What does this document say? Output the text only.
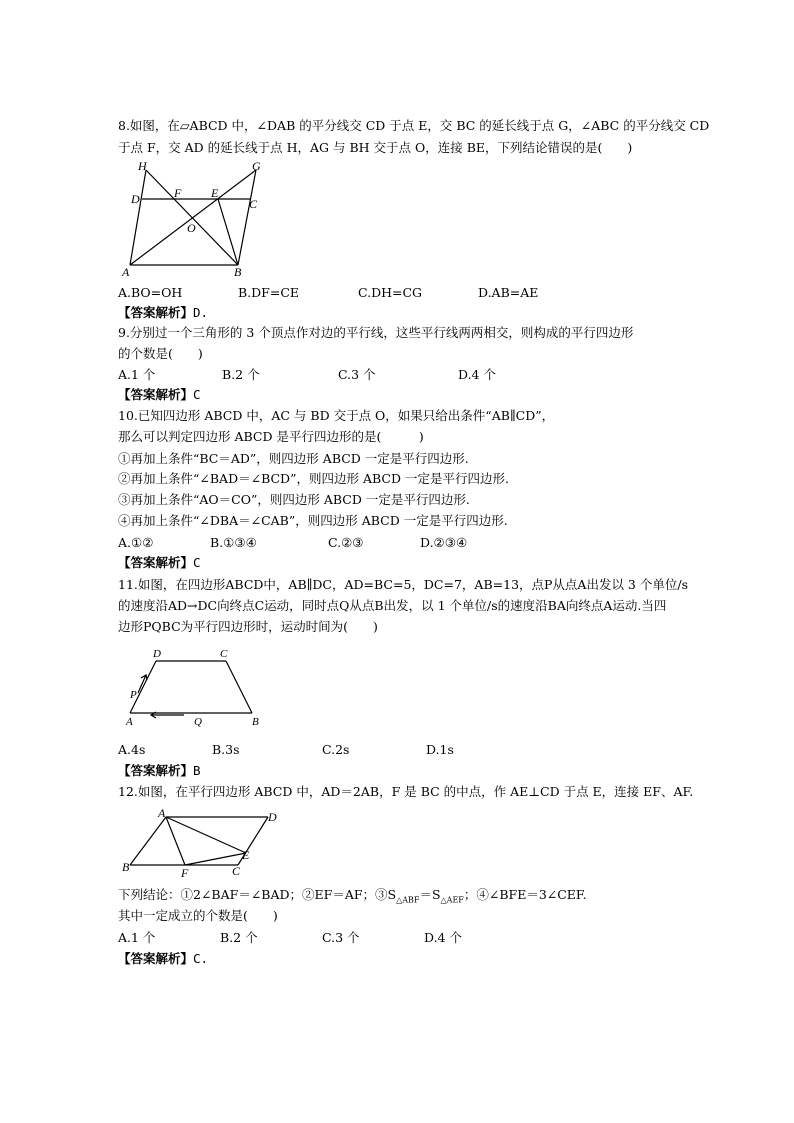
8.如图，在▱ABCD 中，∠DAB 的平分线交 CD 于点 E，交 BC 的延长线于点 G，∠ABC 的平分线交 CD
于点 F，交 AD 的延长线于点 H，AG 与 BH 交于点 O，连接 BE，下列结论错误的是(　　)
H	G
D	F E
C
O
A	B
A.BO=OH	B.DF=CE	C.DH=CG	D.AB=AE
【答案解析】D.
9.分别过一个三角形的 3 个顶点作对边的平行线，这些平行线两两相交，则构成的平行四边形
的个数是(　　)
A.1 个	B.2 个	C.3 个	D.4 个
【答案解析】C
10.已知四边形 ABCD 中，AC 与 BD 交于点 O，如果只给出条件“AB∥CD”，
那么可以判定四边形 ABCD 是平行四边形的是(　　　)
①再加上条件“BC＝AD”，则四边形 ABCD 一定是平行四边形.
②再加上条件“∠BAD＝∠BCD”，则四边形 ABCD 一定是平行四边形.
③再加上条件“AO＝CO”，则四边形 ABCD 一定是平行四边形.
④再加上条件“∠DBA＝∠CAB”，则四边形 ABCD 一定是平行四边形.
A.①②	B.①③④	C.②③	D.②③④
【答案解析】C
11.如图，在四边形ABCD中，AB∥DC，AD=BC=5，DC=7，AB=13，点P从点A出发以 3 个单位/s
的速度沿AD→DC向终点C运动，同时点Q从点B出发，以 1 个单位/s的速度沿BA向终点A运动.当四
边形PQBC为平行四边形时，运动时间为(　　)
D	C
P
A	Q	B
A.4s	B.3s	C.2s	D.1s
【答案解析】B
12.如图，在平行四边形 ABCD 中，AD＝2AB，F 是 BC 的中点，作 AE⊥CD 于点 E，连接 EF、AF.
A	D
B	F	C
E
下列结论：①2∠BAF＝∠BAD；②EF＝AF；$③S_{\triangle ABF}=S_{\triangle AEF}$；④∠BFE＝3∠CEF.
其中一定成立的个数是(　　)
A.1 个	B.2 个	C.3 个	D.4 个
【答案解析】C.
